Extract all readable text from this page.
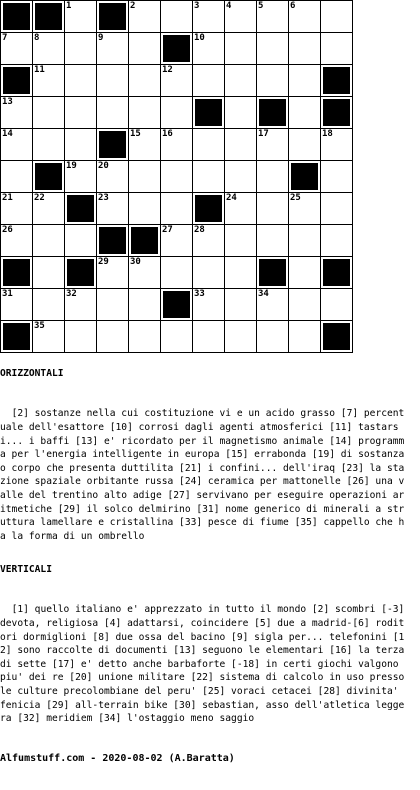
1	2	3	4	5	6
7	8	9	10
11	12
13
14	15 16	17	18
19 20
21 22	23	24	25
26	27 28
29 30
31	32	33	34
35

ORIZZONTALI

[2] sostanze nella cui costituzione vi e un acido grasso [7] percentuale dell'esattore [10] corrosi dagli agenti atmosferici [11] tastarsi... i baffi [13] e' ricordato per il magnetismo animale [14] programma per l'energia intelligente in europa [15] errabonda [19] di sostanza o corpo che presenta duttilita [21] i confini... dell'iraq [23] la stazione spaziale orbitante russa [24] ceramica per mattonelle [26] una valle del trentino alto adige [27] servivano per eseguire operazioni aritmetiche [29] il solco delmirino [31] nome generico di minerali a struttura lamellare e cristallina [33] pesce di fiume [35] cappello che ha la forma di un ombrello

VERTICALI

[1] quello italiano e' apprezzato in tutto il mondo [2] scombri [-3] devota, religiosa [4] adattarsi, coincidere [5] due a madrid-[6] roditori dormiglioni [8] due ossa del bacino [9] sigla per... telefonini [12] sono raccolte di documenti [13] seguono le elementari [16] la terza di sette [17] e' detto anche barbaforte [-18] in certi giochi valgono piu' dei re [20] unione militare [22] sistema di calcolo in uso presso le culture precolombiane del peru' [25] voraci cetacei [28] divinita' fenicia [29] all-terrain bike [30] sebastian, asso dell'atletica leggera [32] meridiem [34] l'ostaggio meno saggio

Alfumstuff.com - 2020-08-02 (A.Baratta)
